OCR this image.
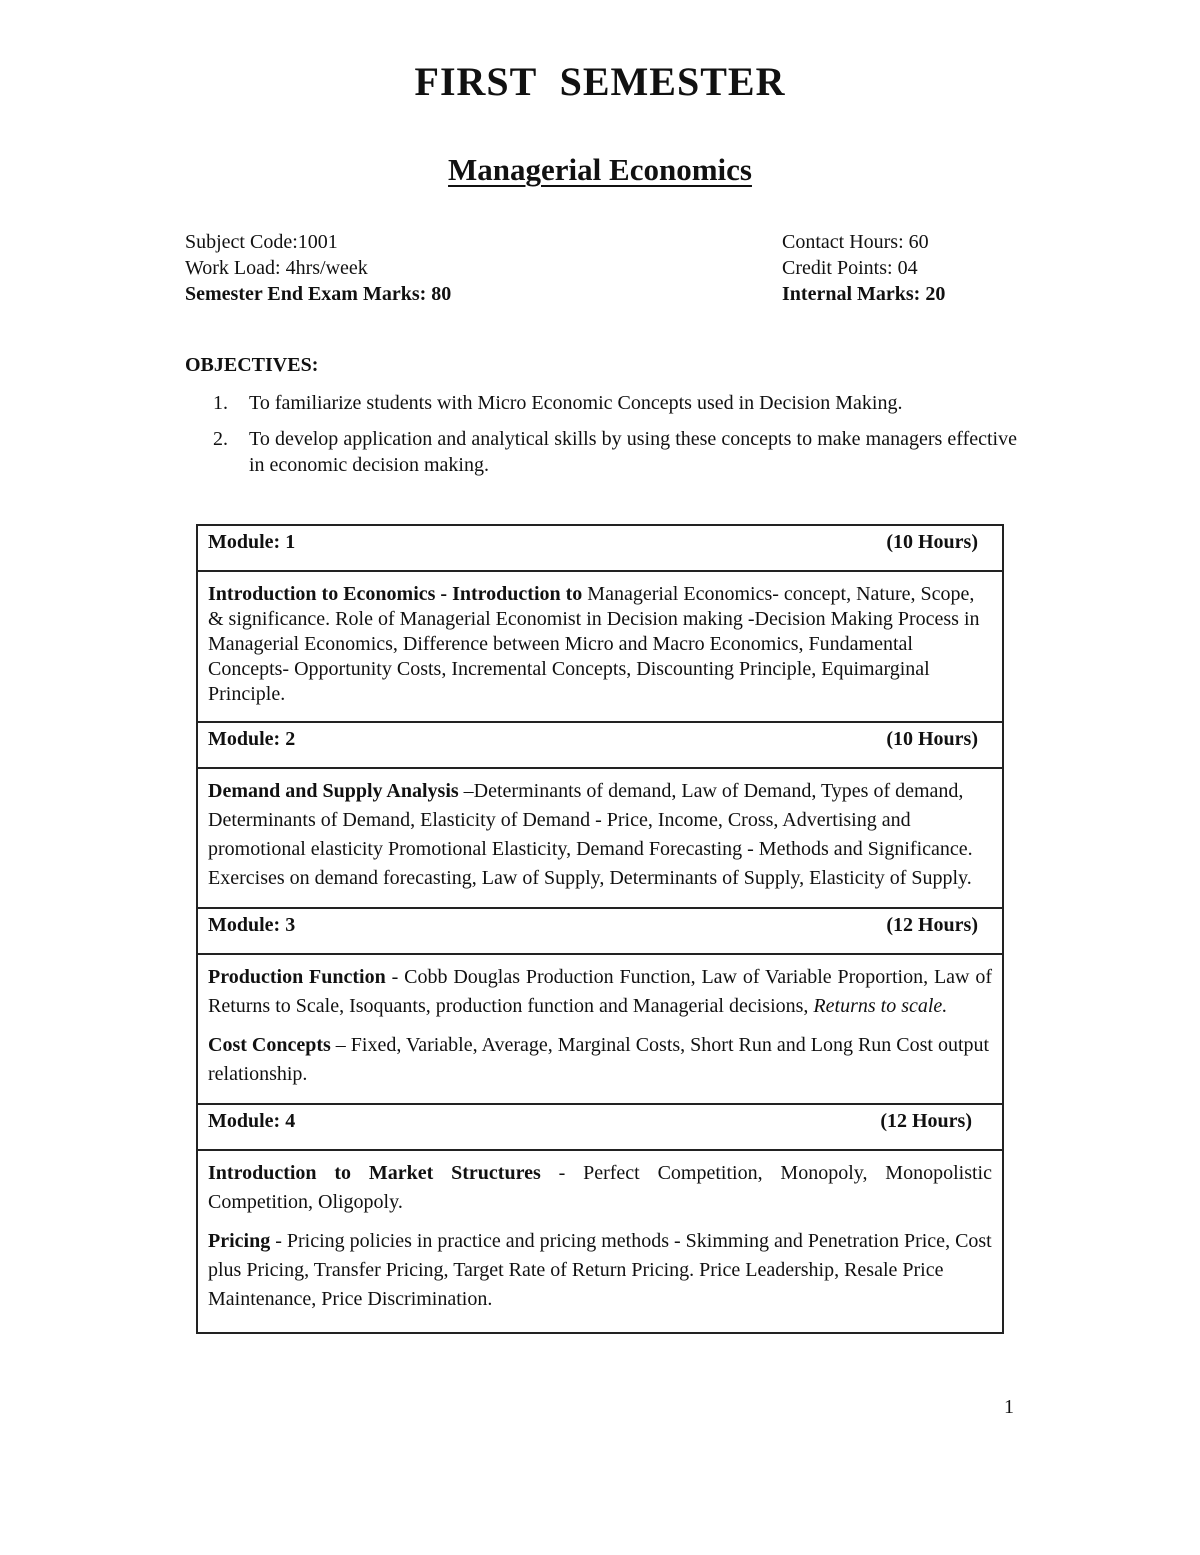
FIRST SEMESTER
Managerial Economics
Subject Code:1001	Contact Hours: 60
Work Load: 4hrs/week	Credit Points: 04
Semester End Exam Marks: 80	Internal Marks: 20
OBJECTIVES:
1.	To familiarize students with Micro Economic Concepts used in Decision Making.
2.	To develop application and analytical skills by using these concepts to make managers effective in economic decision making.
Module: 1	(10 Hours)

Introduction to Economics - Introduction to Managerial Economics- concept, Nature, Scope, & significance. Role of Managerial Economist in Decision making -Decision Making Process in Managerial Economics, Difference between Micro and Macro Economics, Fundamental Concepts- Opportunity Costs, Incremental Concepts, Discounting Principle, Equimarginal Principle.

Module: 2	(10 Hours)

Demand and Supply Analysis –Determinants of demand, Law of Demand, Types of demand, Determinants of Demand, Elasticity of Demand - Price, Income, Cross, Advertising and promotional elasticity Promotional Elasticity, Demand Forecasting - Methods and Significance. Exercises on demand forecasting, Law of Supply, Determinants of Supply, Elasticity of Supply.

Module: 3	(12 Hours)

Production Function - Cobb Douglas Production Function, Law of Variable Proportion, Law of Returns to Scale, Isoquants, production function and Managerial decisions, Returns to scale.

Cost Concepts – Fixed, Variable, Average, Marginal Costs, Short Run and Long Run Cost output relationship.

Module: 4	(12 Hours)

Introduction to Market Structures - Perfect Competition, Monopoly, Monopolistic Competition, Oligopoly.

Pricing - Pricing policies in practice and pricing methods - Skimming and Penetration Price, Cost plus Pricing, Transfer Pricing, Target Rate of Return Pricing. Price Leadership, Resale Price Maintenance, Price Discrimination.

1
